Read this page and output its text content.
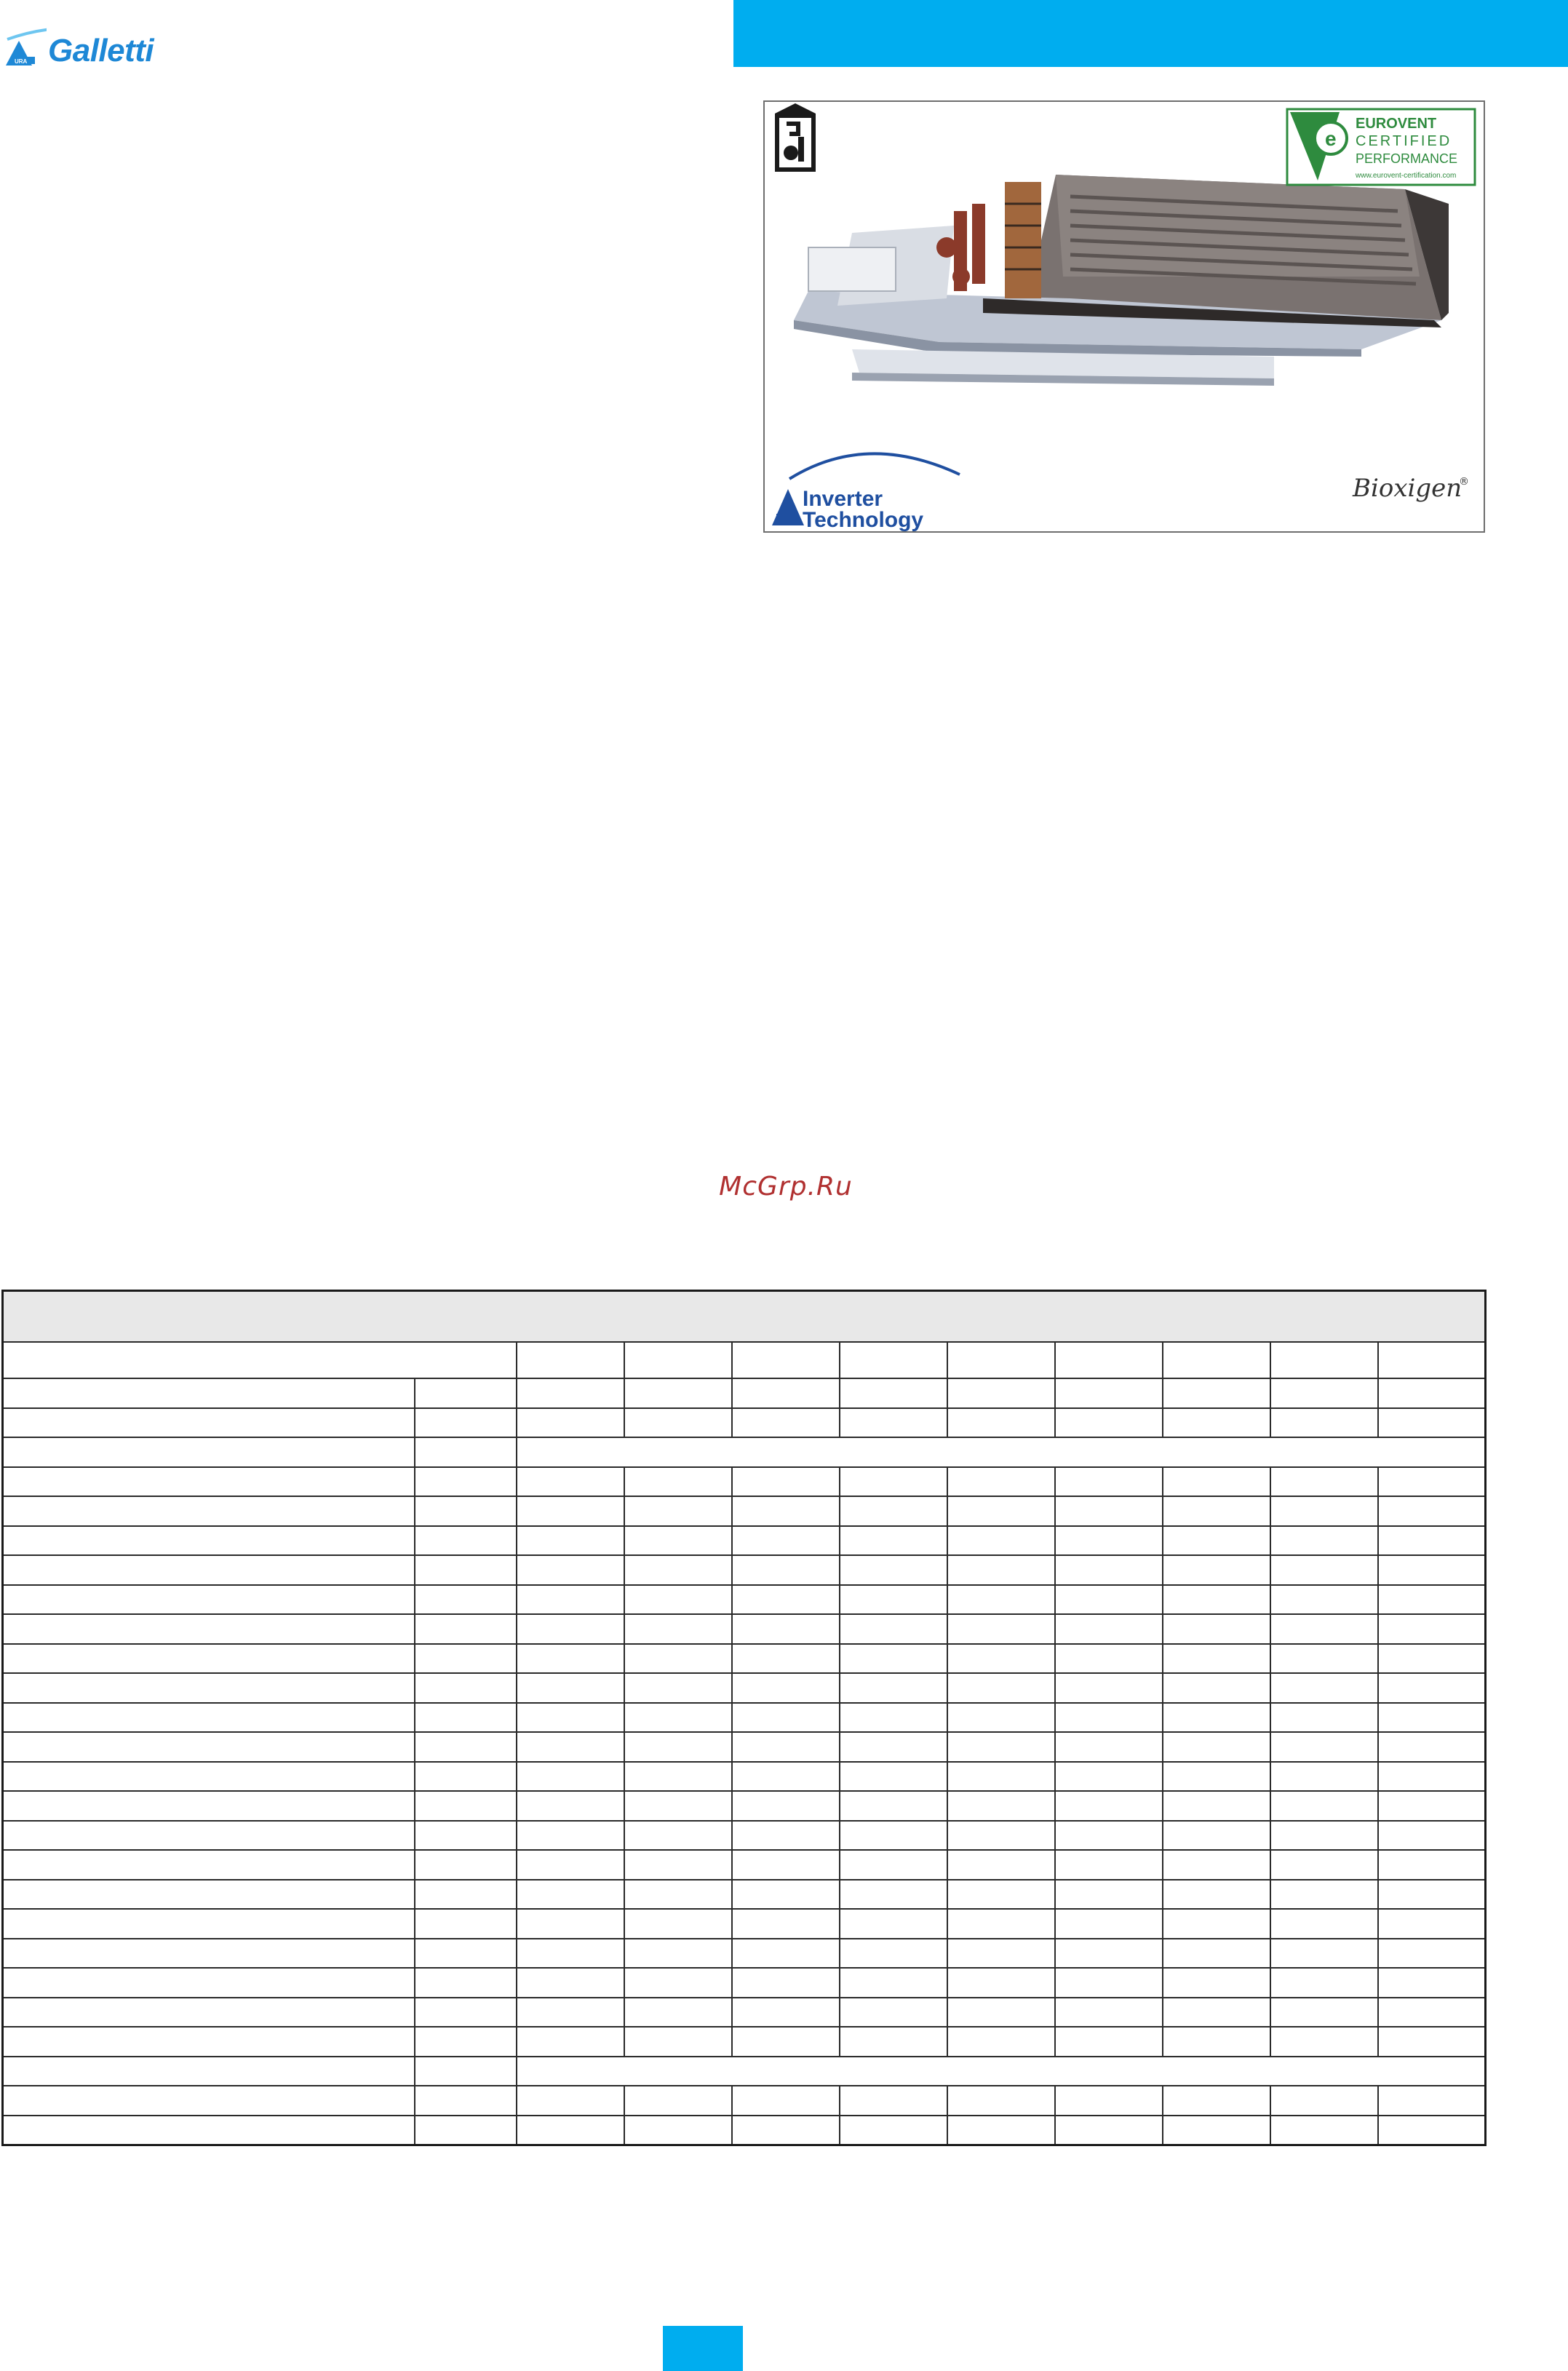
URA Galletti
e
EUROVENT
CERTIFIED
PERFORMANCE
www.eurovent-certification.com
Inverter
Technology
Bioxigen
®
McGrp.Ru
